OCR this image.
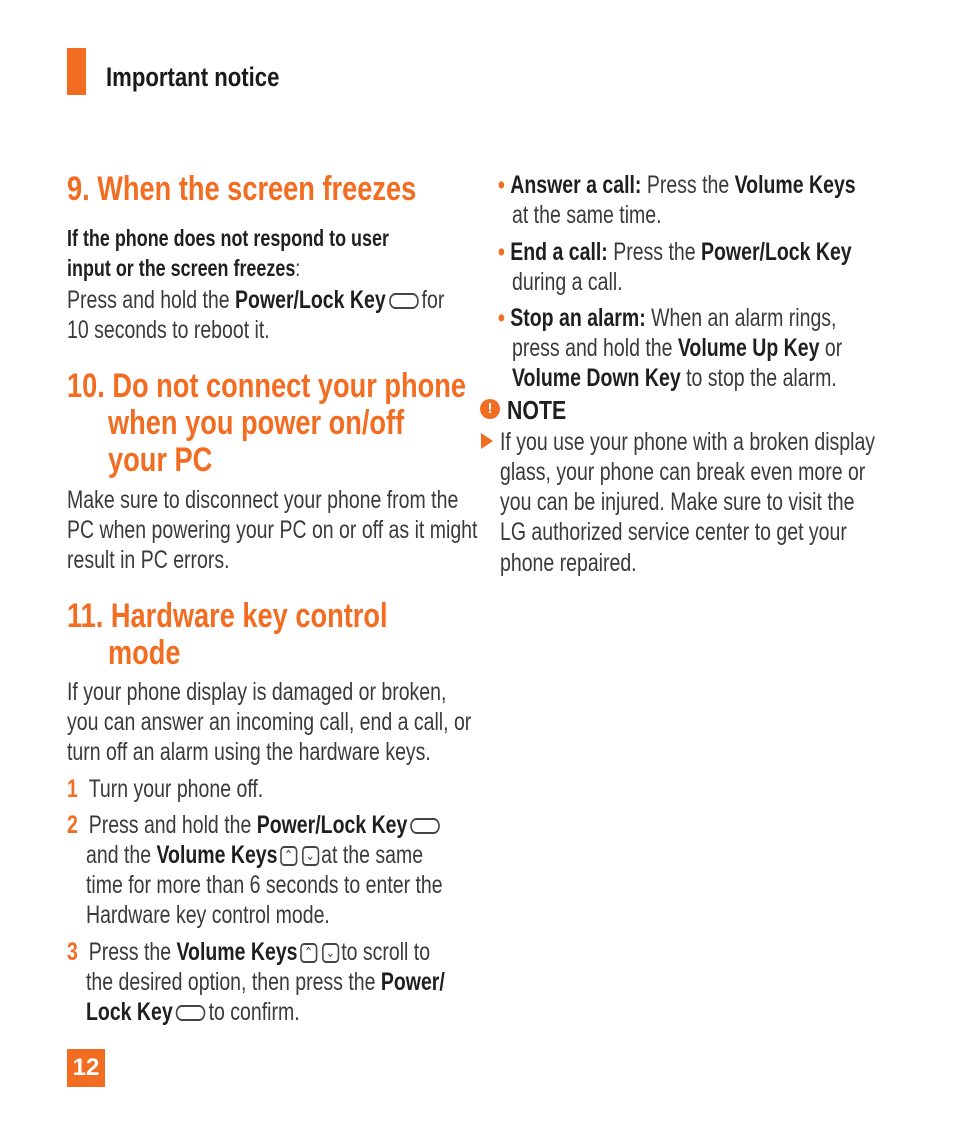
Important notice
9. When the screen freezes
If the phone does not respond to user
input or the screen freezes:
Press and hold the Power/Lock Key for
10 seconds to reboot it.
10. Do not connect your phone
when you power on/off
your PC
Make sure to disconnect your phone from the
PC when powering your PC on or off as it might
result in PC errors.
11. Hardware key control
mode
If your phone display is damaged or broken,
you can answer an incoming call, end a call, or
turn off an alarm using the hardware keys.
1 Turn your phone off.
2 Press and hold the Power/Lock Key
and the Volume Keys ⌃ ⌄ at the same
time for more than 6 seconds to enter the
Hardware key control mode.
3 Press the Volume Keys ⌃ ⌄ to scroll to
the desired option, then press the Power/
Lock Key to confirm.
• Answer a call: Press the Volume Keys
at the same time.
• End a call: Press the Power/Lock Key
during a call.
• Stop an alarm: When an alarm rings,
press and hold the Volume Up Key or
Volume Down Key to stop the alarm.
! NOTE
If you use your phone with a broken display
glass, your phone can break even more or
you can be injured. Make sure to visit the
LG authorized service center to get your
phone repaired.
12
